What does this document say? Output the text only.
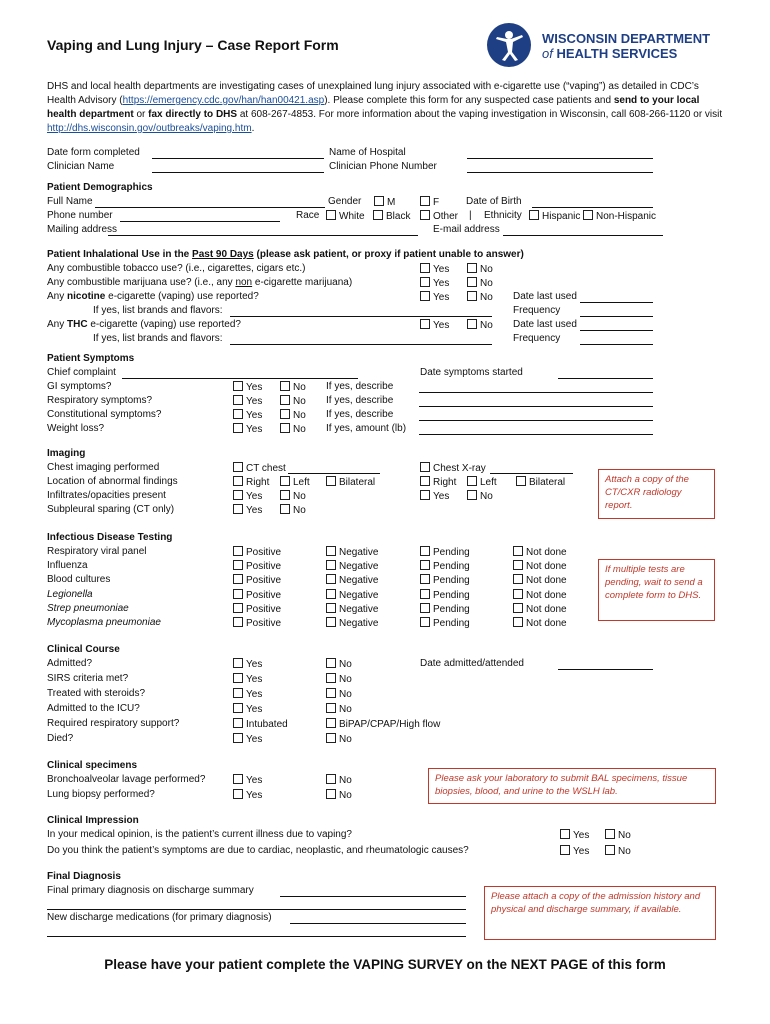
Vaping and Lung Injury – Case Report Form	WISCONSIN DEPARTMENT
of HEALTH SERVICES
DHS and local health departments are investigating cases of unexplained lung injury associated with e-cigarette use (“vaping”) as detailed in CDC’s Health Advisory (https://emergency.cdc.gov/han/han00421.asp). Please complete this form for any suspected case patients and send to your local health department or fax directly to DHS at 608-267-4853. For more information about the vaping investigation in Wisconsin, call 608-266-1120 or visit http://dhs.wisconsin.gov/outbreaks/vaping.htm.
Date form completed	Name of Hospital
Clinician Name	Clinician Phone Number
Patient Demographics
Full Name	Gender	M	F	Date of Birth
Phone number	Race	White	Black	Other | Ethnicity	Hispanic	Non-Hispanic
Mailing address	E-mail address
Patient Inhalational Use in the Past 90 Days (please ask patient, or proxy if patient unable to answer)
Any combustible tobacco use? (i.e., cigarettes, cigars etc.)	Yes	No
Any combustible marijuana use? (i.e., any non e-cigarette marijuana)	Yes	No
Any nicotine e-cigarette (vaping) use reported?	Yes	No Date last used
If yes, list brands and flavors:	Frequency
Any THC e-cigarette (vaping) use reported?	Yes	No Date last used
If yes, list brands and flavors:	Frequency
Patient Symptoms
Chief complaint	Date symptoms started
GI symptoms?	Yes	No If yes, describe
Respiratory symptoms?	Yes	No If yes, describe
Constitutional symptoms?	Yes	No If yes, describe
Weight loss?	Yes	No If yes, amount (lb)
Imaging
Chest imaging performed	CT chest	Chest X-ray
Location of abnormal findings	Right	Left	Bilateral	Right	Left	Bilateral
Infiltrates/opacities present	Yes	No	Yes	No
Subpleural sparing (CT only)	Yes	No
Attach a copy of the CT/CXR radiology report.
Infectious Disease Testing
Respiratory viral panel	Positive	Negative	Pending	Not done
Influenza	Positive	Negative	Pending	Not done
Blood cultures	Positive	Negative	Pending	Not done
Legionella	Positive	Negative	Pending	Not done
Strep pneumoniae	Positive	Negative	Pending	Not done
Mycoplasma pneumoniae	Positive	Negative	Pending	Not done
If multiple tests are pending, wait to send a complete form to DHS.
Clinical Course
Admitted?	Yes	No	Date admitted/attended
SIRS criteria met?	Yes	No
Treated with steroids?	Yes	No
Admitted to the ICU?	Yes	No
Required respiratory support?	Intubated	BiPAP/CPAP/High flow
Died?	Yes	No
Clinical specimens
Bronchoalveolar lavage performed?	Yes	No
Lung biopsy performed?	Yes	No
Please ask your laboratory to submit BAL specimens, tissue biopsies, blood, and urine to the WSLH lab.
Clinical Impression
In your medical opinion, is the patient’s current illness due to vaping?	Yes	No
Do you think the patient’s symptoms are due to cardiac, neoplastic, and rheumatologic causes?	Yes	No
Final Diagnosis
Final primary diagnosis on discharge summary
New discharge medications (for primary diagnosis)
Please attach a copy of the admission history and physical and discharge summary, if available.
Please have your patient complete the VAPING SURVEY on the NEXT PAGE of this form
